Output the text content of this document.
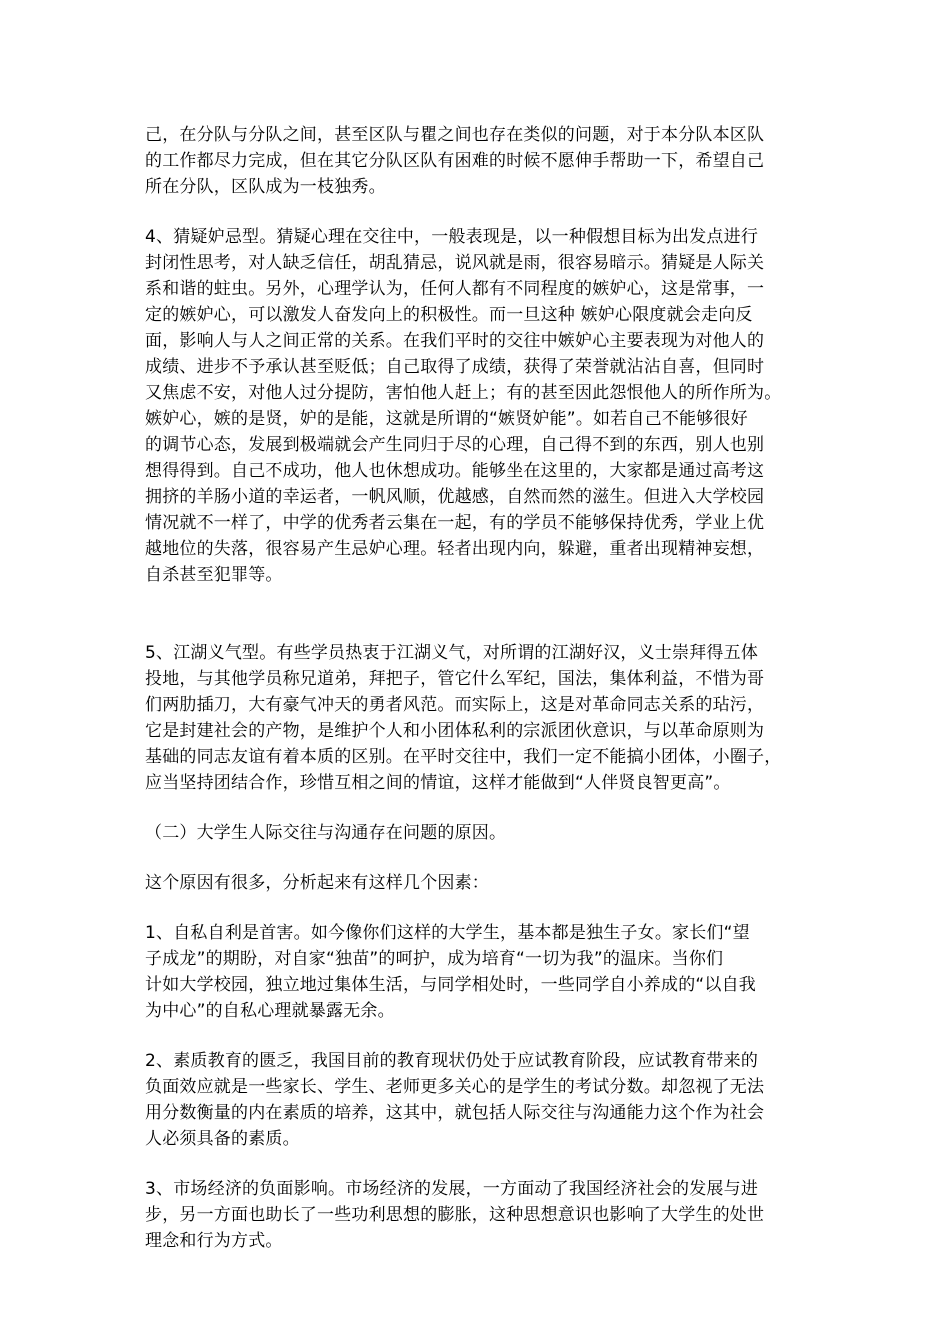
己，在分队与分队之间，甚至区队与瞿之间也存在类似的问题，对于本分队本区队
的工作都尽力完成，但在其它分队区队有困难的时候不愿伸手帮助一下，希望自己
所在分队，区队成为一枝独秀。
4、猜疑妒忌型。猜疑心理在交往中，一般表现是，以一种假想目标为出发点进行
封闭性思考，对人缺乏信任，胡乱猜忌，说风就是雨，很容易暗示。猜疑是人际关
系和谐的蛀虫。另外，心理学认为，任何人都有不同程度的嫉妒心，这是常事，一
定的嫉妒心，可以激发人奋发向上的积极性。而一旦这种 嫉妒心限度就会走向反
面，影响人与人之间正常的关系。在我们平时的交往中嫉妒心主要表现为对他人的
成绩、进步不予承认甚至贬低；自己取得了成绩，获得了荣誉就沾沾自喜，但同时
又焦虑不安，对他人过分提防，害怕他人赶上；有的甚至因此怨恨他人的所作所为。
嫉妒心，嫉的是贤，妒的是能，这就是所谓的“嫉贤妒能”。如若自己不能够很好
的调节心态，发展到极端就会产生同归于尽的心理，自己得不到的东西，别人也别
想得得到。自己不成功，他人也休想成功。能够坐在这里的，大家都是通过高考这
拥挤的羊肠小道的幸运者，一帆风顺，优越感，自然而然的滋生。但进入大学校园
情况就不一样了，中学的优秀者云集在一起，有的学员不能够保持优秀，学业上优
越地位的失落，很容易产生忌妒心理。轻者出现内向，躲避，重者出现精神妄想，
自杀甚至犯罪等。
5、江湖义气型。有些学员热衷于江湖义气，对所谓的江湖好汉，义士崇拜得五体
投地，与其他学员称兄道弟，拜把子，管它什么军纪，国法，集体利益，不惜为哥
们两肋插刀，大有豪气冲天的勇者风范。而实际上，这是对革命同志关系的玷污，
它是封建社会的产物，是维护个人和小团体私利的宗派团伙意识，与以革命原则为
基础的同志友谊有着本质的区别。在平时交往中，我们一定不能搞小团体，小圈子，
应当坚持团结合作，珍惜互相之间的情谊，这样才能做到“人伴贤良智更高”。
（二）大学生人际交往与沟通存在问题的原因。
这个原因有很多，分析起来有这样几个因素：
1、自私自利是首害。如今像你们这样的大学生，基本都是独生子女。家长们“望
子成龙”的期盼，对自家“独苗”的呵护，成为培育“一切为我”的温床。当你们
计如大学校园，独立地过集体生活，与同学相处时，一些同学自小养成的“以自我
为中心”的自私心理就暴露无余。
2、素质教育的匮乏，我国目前的教育现状仍处于应试教育阶段，应试教育带来的
负面效应就是一些家长、学生、老师更多关心的是学生的考试分数。却忽视了无法
用分数衡量的内在素质的培养，这其中，就包括人际交往与沟通能力这个作为社会
人必须具备的素质。
3、市场经济的负面影响。市场经济的发展，一方面动了我国经济社会的发展与进
步，另一方面也助长了一些功利思想的膨胀，这种思想意识也影响了大学生的处世
理念和行为方式。
